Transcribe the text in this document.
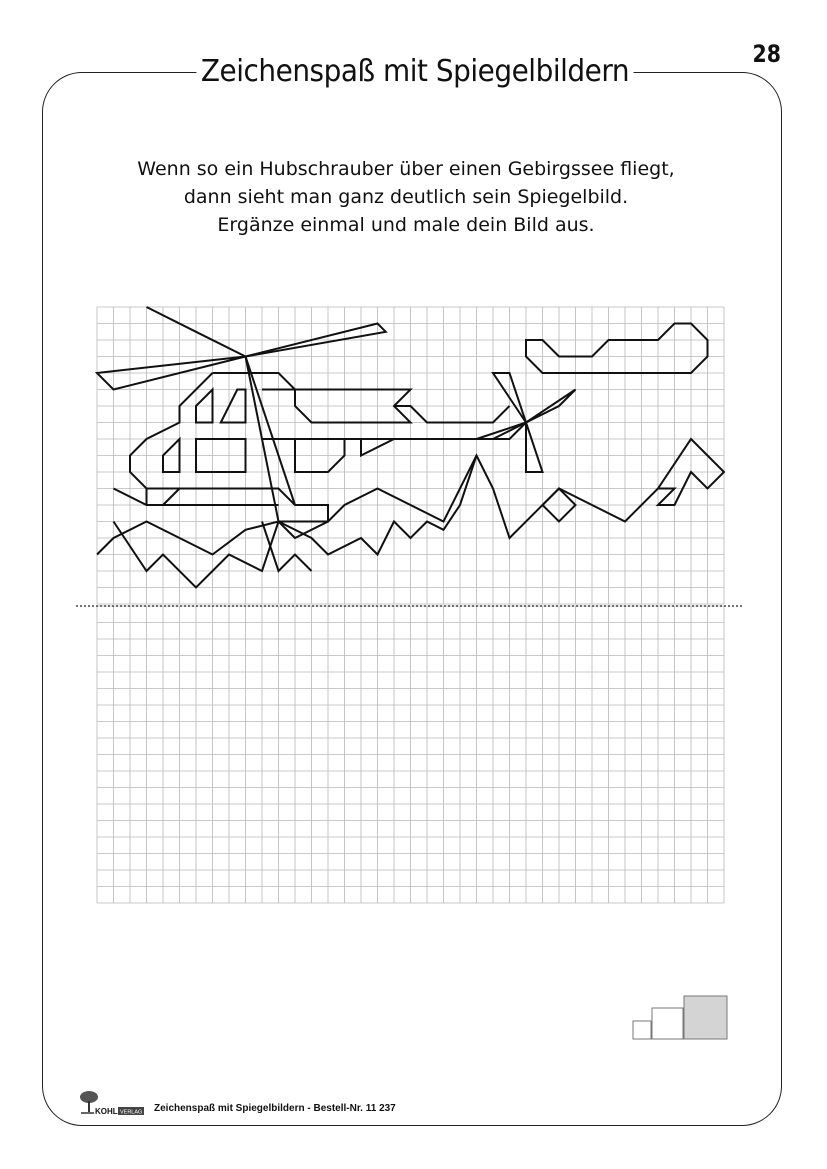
Zeichenspaß mit Spiegelbildern	28
Wenn so ein Hubschrauber über einen Gebirgssee fliegt,
dann sieht man ganz deutlich sein Spiegelbild.
Ergänze einmal und male dein Bild aus.
KOHL VERLAG Zeichenspaß mit Spiegelbildern - Bestell-Nr. 11 237
